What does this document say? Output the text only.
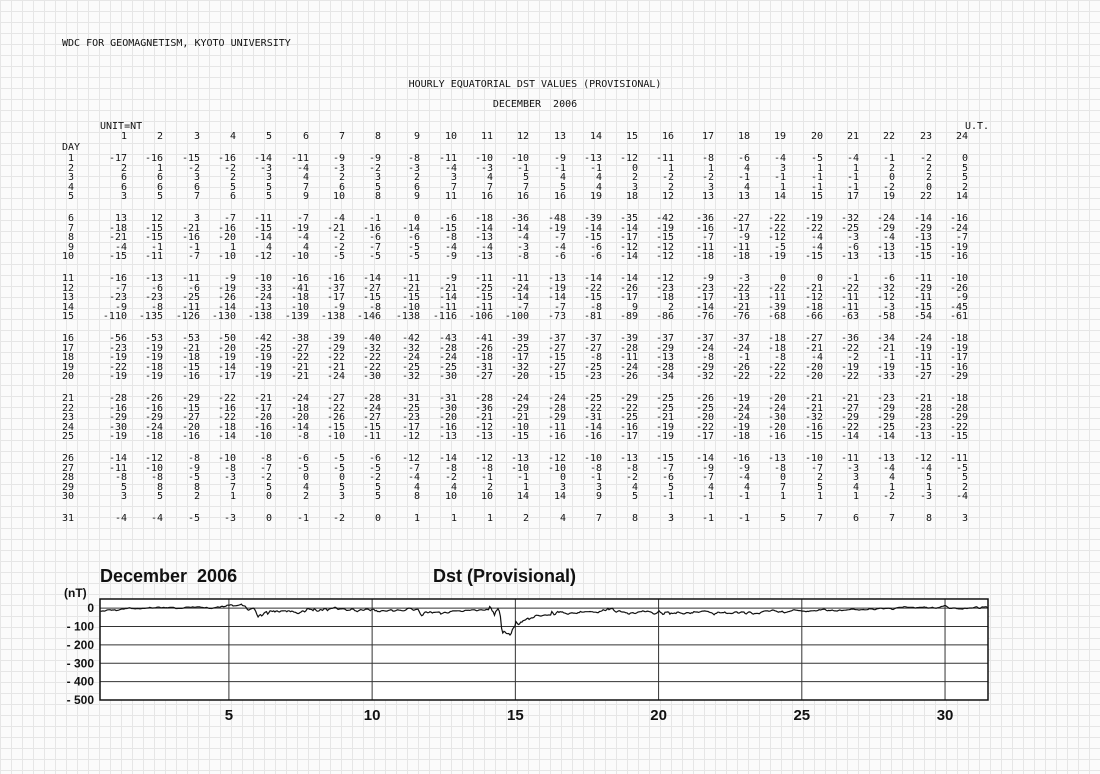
WDC FOR GEOMAGNETISM, KYOTO UNIVERSITY
HOURLY EQUATORIAL DST VALUES (PROVISIONAL)
DECEMBER  2006
UNIT=NT	U.T.
DAY
1	2	3	4	5	6	7	8	9	10	11	12	13	14	15	16	17	18	19	20	21	22	23	24
1	-17	-16	-15	-16	-14	-11	-9	-9	-8	-11	-10	-10	-9	-13	-12	-11	-8	-6	-4	-5	-4	-1	-2	0
2	2	1	-2	-2	-3	-4	-3	-2	-3	-4	-3	-1	-1	-1	0	1	1	4	3	1	1	2	2	5
3	6	6	3	2	3	4	2	3	2	3	4	5	4	4	2	-2	-2	-1	-1	-1	-1	0	2	5
4	6	6	6	5	5	7	6	5	6	7	7	7	5	4	3	2	3	4	1	-1	-1	-2	0	2
5	3	5	7	6	5	9	10	8	9	11	16	16	16	19	18	12	13	13	14	15	17	19	22	14
6	13	12	3	-7	-11	-7	-4	-1	0	-6	-18	-36	-48	-39	-35	-42	-36	-27	-22	-19	-32	-24	-14	-16
7	-18	-15	-21	-16	-15	-19	-21	-16	-14	-15	-14	-14	-19	-14	-14	-19	-16	-17	-22	-22	-25	-29	-29	-24
8	-21	-15	-16	-20	-14	-4	-2	-6	-6	-8	-13	-4	-7	-15	-17	-15	-7	-9	-12	-4	-3	-4	-13	-7
9	-4	-1	-1	1	4	4	-2	-7	-5	-4	-4	-3	-4	-6	-12	-12	-11	-11	-5	-4	-6	-13	-15	-19
10	-15	-11	-7	-10	-12	-10	-5	-5	-5	-9	-13	-8	-6	-6	-14	-12	-18	-18	-19	-15	-13	-13	-15	-16
11	-16	-13	-11	-9	-10	-16	-16	-14	-11	-9	-11	-11	-13	-14	-14	-12	-9	-3	0	0	-1	-6	-11	-10
12	-7	-6	-6	-19	-33	-41	-37	-27	-21	-21	-25	-24	-19	-22	-26	-23	-23	-22	-22	-21	-22	-32	-29	-26
13	-23	-23	-25	-26	-24	-18	-17	-15	-15	-14	-15	-14	-14	-15	-17	-18	-17	-13	-11	-12	-11	-12	-11	-9
14	-9	-8	-11	-14	-13	-10	-9	-8	-10	-11	-11	-7	-7	-8	9	2	-14	-21	-39	-18	-11	-3	-15	-45
15	-110	-135	-126	-130	-138	-139	-138	-146	-138	-116	-106	-100	-73	-81	-89	-86	-76	-76	-68	-66	-63	-58	-54	-61
16	-56	-53	-53	-50	-42	-38	-39	-40	-42	-43	-41	-39	-37	-37	-39	-37	-37	-37	-18	-27	-36	-34	-24	-18
17	-23	-19	-21	-20	-25	-27	-29	-32	-32	-28	-26	-25	-27	-27	-28	-29	-24	-24	-18	-21	-22	-21	-19	-19
18	-19	-19	-18	-19	-19	-22	-22	-22	-24	-24	-18	-17	-15	-8	-11	-13	-8	-1	-8	-4	-2	-1	-11	-17
19	-22	-18	-15	-14	-19	-21	-21	-22	-25	-25	-31	-32	-27	-25	-24	-28	-29	-26	-22	-20	-19	-19	-15	-16
20	-19	-19	-16	-17	-19	-21	-24	-30	-32	-30	-27	-20	-15	-23	-26	-34	-32	-22	-22	-20	-22	-33	-27	-29
21	-28	-26	-29	-22	-21	-24	-27	-28	-31	-31	-28	-24	-24	-25	-29	-25	-26	-19	-20	-21	-21	-23	-21	-18
22	-16	-16	-15	-16	-17	-18	-22	-24	-25	-30	-36	-29	-28	-22	-22	-25	-25	-24	-24	-21	-27	-29	-28	-28
23	-29	-29	-27	-22	-20	-20	-26	-27	-23	-20	-21	-21	-29	-31	-25	-21	-20	-24	-30	-32	-29	-29	-28	-29
24	-30	-24	-20	-18	-16	-14	-15	-15	-17	-16	-12	-10	-11	-14	-16	-19	-22	-19	-20	-16	-22	-25	-23	-22
25	-19	-18	-16	-14	-10	-8	-10	-11	-12	-13	-13	-15	-16	-16	-17	-19	-17	-18	-16	-15	-14	-14	-13	-15
26	-14	-12	-8	-10	-8	-6	-5	-6	-12	-14	-12	-13	-12	-10	-13	-15	-14	-16	-13	-10	-11	-13	-12	-11
27	-11	-10	-9	-8	-7	-5	-5	-5	-7	-8	-8	-10	-10	-8	-8	-7	-9	-9	-8	-7	-3	-4	-4	-5
28	-8	-8	-5	-3	-2	0	0	-2	-4	-2	-1	-1	0	-1	-2	-6	-7	-4	0	2	3	4	5	5
29	5	8	8	7	5	4	5	5	4	4	2	1	3	3	4	5	4	4	7	5	4	1	1	2
30	3	5	2	1	0	2	3	5	8	10	10	14	14	9	5	-1	-1	-1	1	1	1	-2	-3	-4
31	-4	-4	-5	-3	0	-1	-2	0	1	1	1	2	4	7	8	3	-1	-1	5	7	6	7	8	3
0
- 100
- 200
- 300
- 400
- 500
(nT)
5	10	15	20	25	30
December  2006	Dst (Provisional)
